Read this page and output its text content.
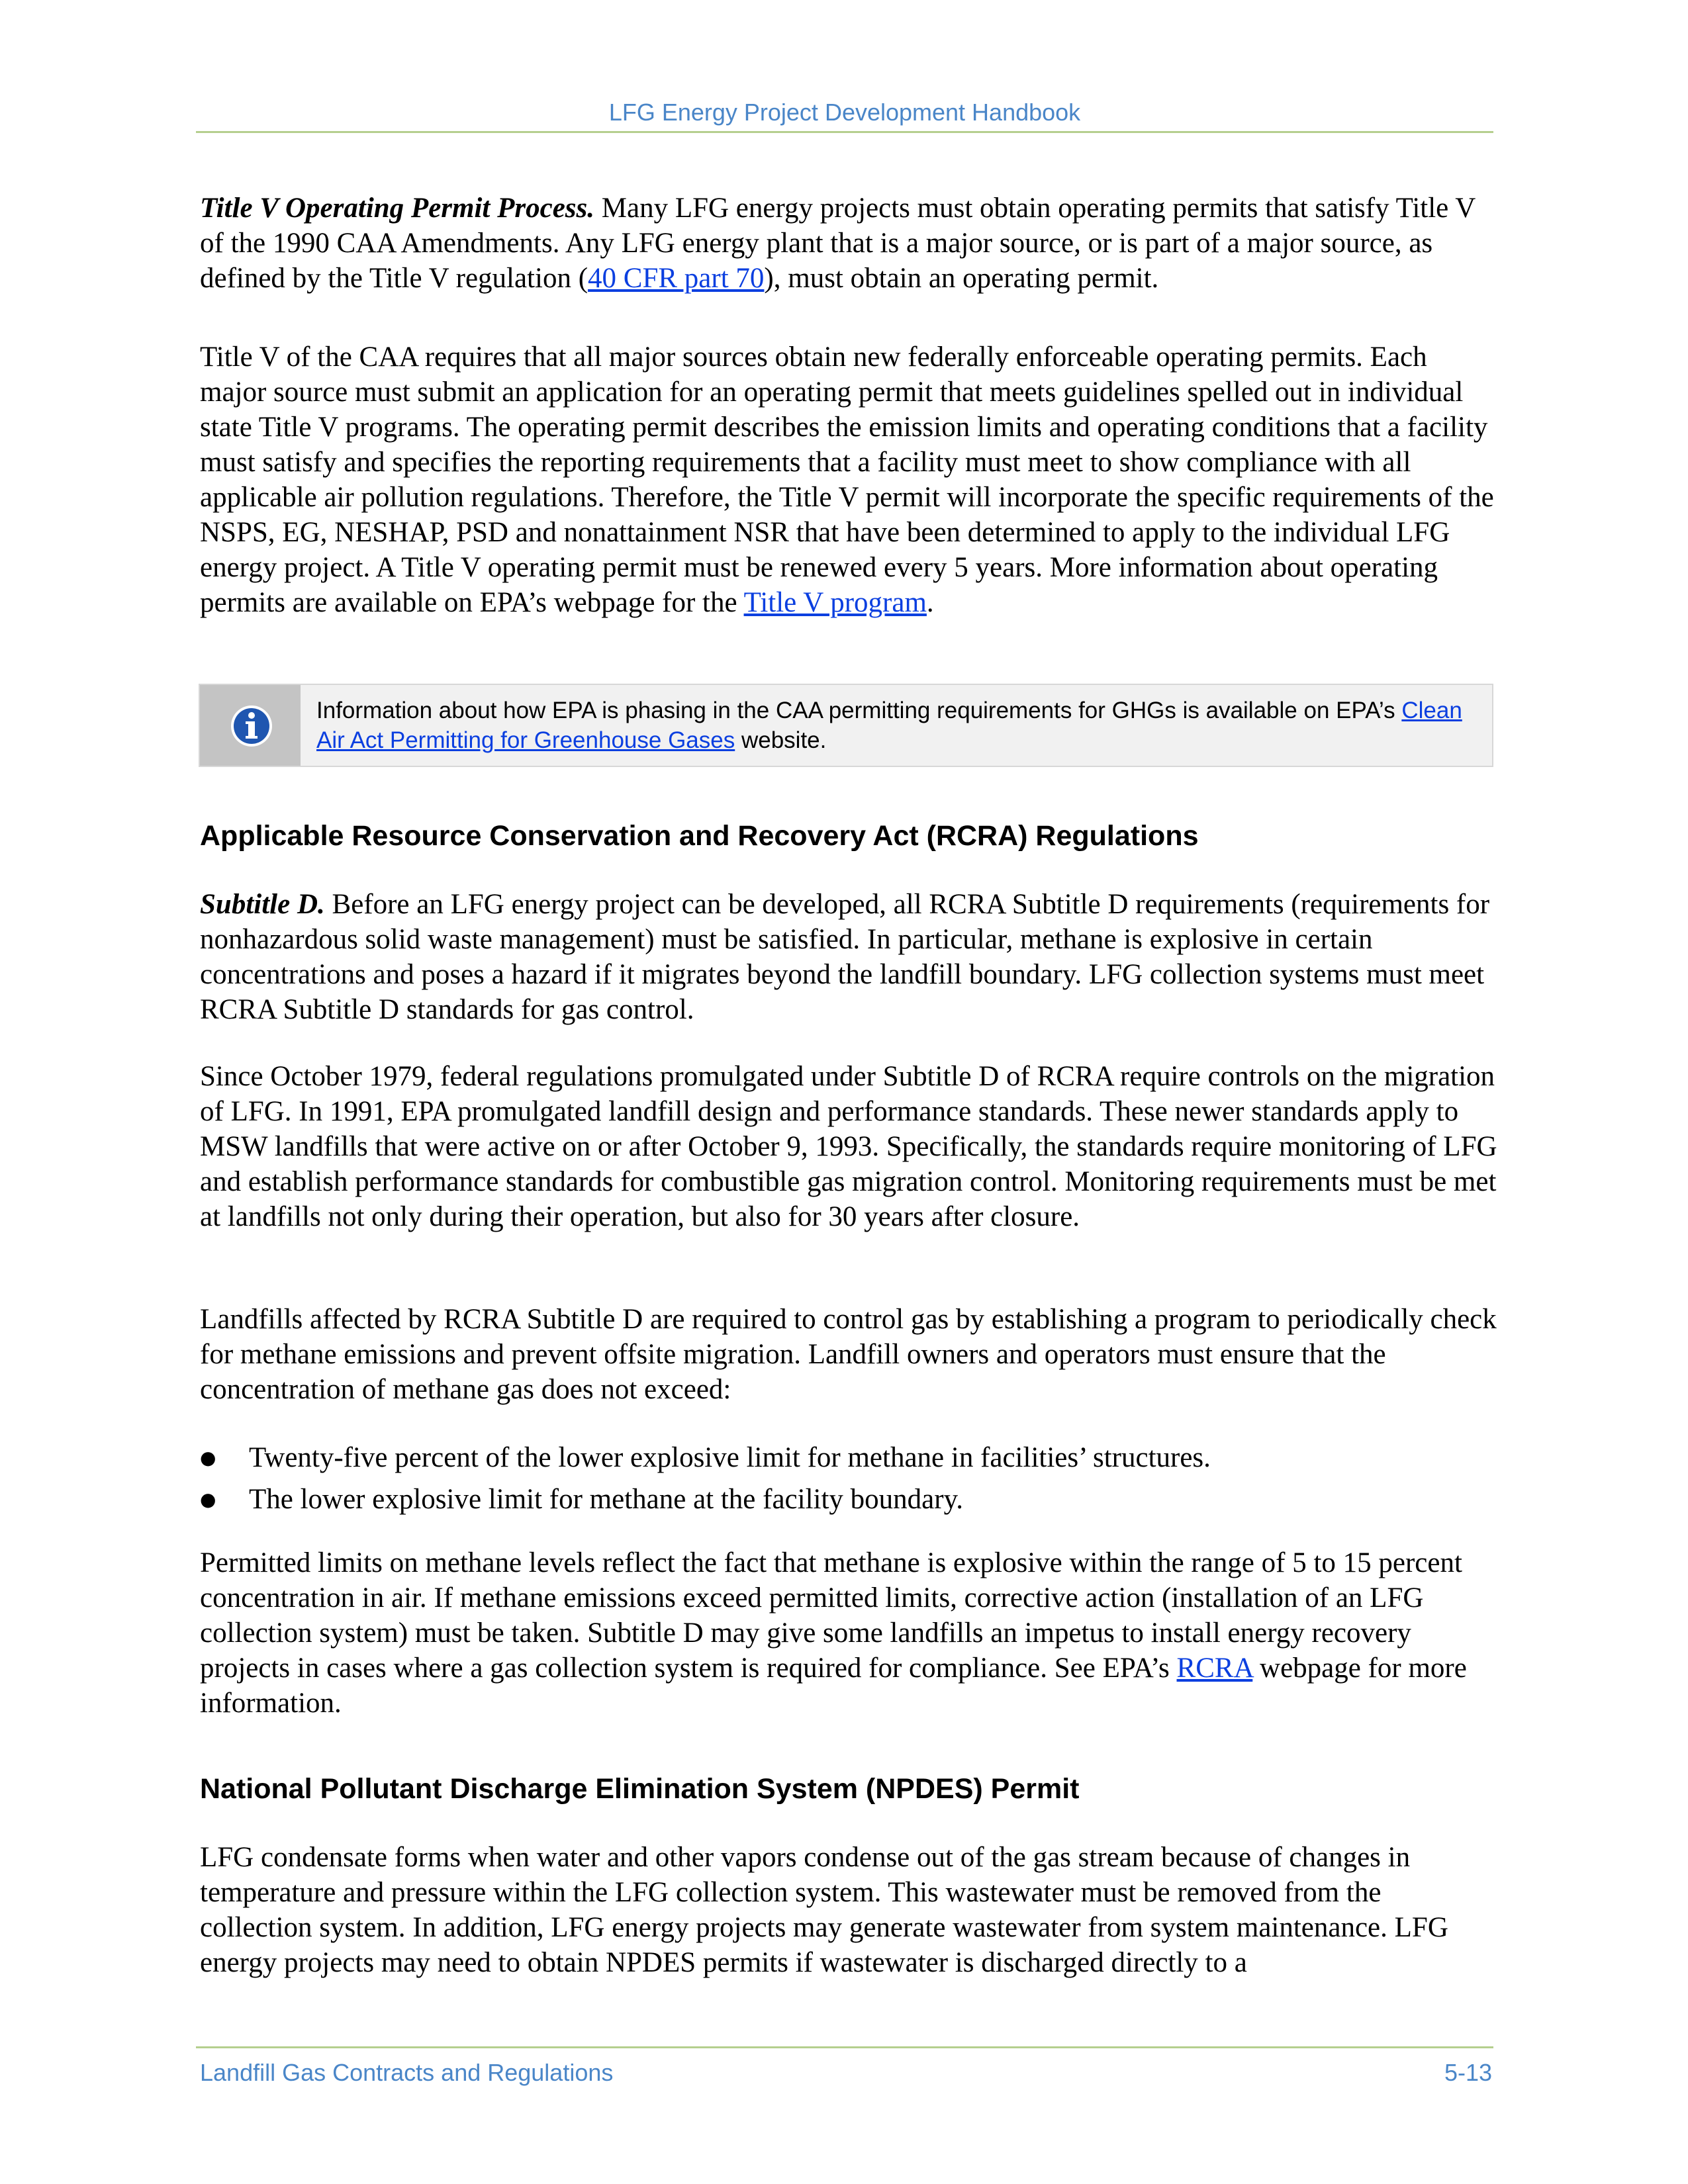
LFG Energy Project Development Handbook

Title V Operating Permit Process. Many LFG energy projects must obtain operating permits that satisfy Title V of the 1990 CAA Amendments. Any LFG energy plant that is a major source, or is part of a major source, as defined by the Title V regulation (40 CFR part 70), must obtain an operating permit.

Title V of the CAA requires that all major sources obtain new federally enforceable operating permits. Each major source must submit an application for an operating permit that meets guidelines spelled out in individual state Title V programs. The operating permit describes the emission limits and operating conditions that a facility must satisfy and specifies the reporting requirements that a facility must meet to show compliance with all applicable air pollution regulations. Therefore, the Title V permit will incorporate the specific requirements of the NSPS, EG, NESHAP, PSD and nonattainment NSR that have been determined to apply to the individual LFG energy project. A Title V operating permit must be renewed every 5 years. More information about operating permits are available on EPA’s webpage for the Title V program.

Information about how EPA is phasing in the CAA permitting requirements for GHGs is available on EPA’s Clean Air Act Permitting for Greenhouse Gases website.
Applicable Resource Conservation and Recovery Act (RCRA) Regulations

Subtitle D. Before an LFG energy project can be developed, all RCRA Subtitle D requirements (requirements for nonhazardous solid waste management) must be satisfied. In particular, methane is explosive in certain concentrations and poses a hazard if it migrates beyond the landfill boundary. LFG collection systems must meet RCRA Subtitle D standards for gas control.

Since October 1979, federal regulations promulgated under Subtitle D of RCRA require controls on the migration of LFG. In 1991, EPA promulgated landfill design and performance standards. These newer standards apply to MSW landfills that were active on or after October 9, 1993. Specifically, the standards require monitoring of LFG and establish performance standards for combustible gas migration control. Monitoring requirements must be met at landfills not only during their operation, but also for 30 years after closure.

Landfills affected by RCRA Subtitle D are required to control gas by establishing a program to periodically check for methane emissions and prevent offsite migration. Landfill owners and operators must ensure that the concentration of methane gas does not exceed:

●	Twenty-five percent of the lower explosive limit for methane in facilities’ structures.
●	The lower explosive limit for methane at the facility boundary.

Permitted limits on methane levels reflect the fact that methane is explosive within the range of 5 to 15 percent concentration in air. If methane emissions exceed permitted limits, corrective action (installation of an LFG collection system) must be taken. Subtitle D may give some landfills an impetus to install energy recovery projects in cases where a gas collection system is required for compliance. See EPA’s RCRA webpage for more information.

National Pollutant Discharge Elimination System (NPDES) Permit

LFG condensate forms when water and other vapors condense out of the gas stream because of changes in temperature and pressure within the LFG collection system. This wastewater must be removed from the collection system. In addition, LFG energy projects may generate wastewater from system maintenance. LFG energy projects may need to obtain NPDES permits if wastewater is discharged directly to a

Landfill Gas Contracts and Regulations	5-13
